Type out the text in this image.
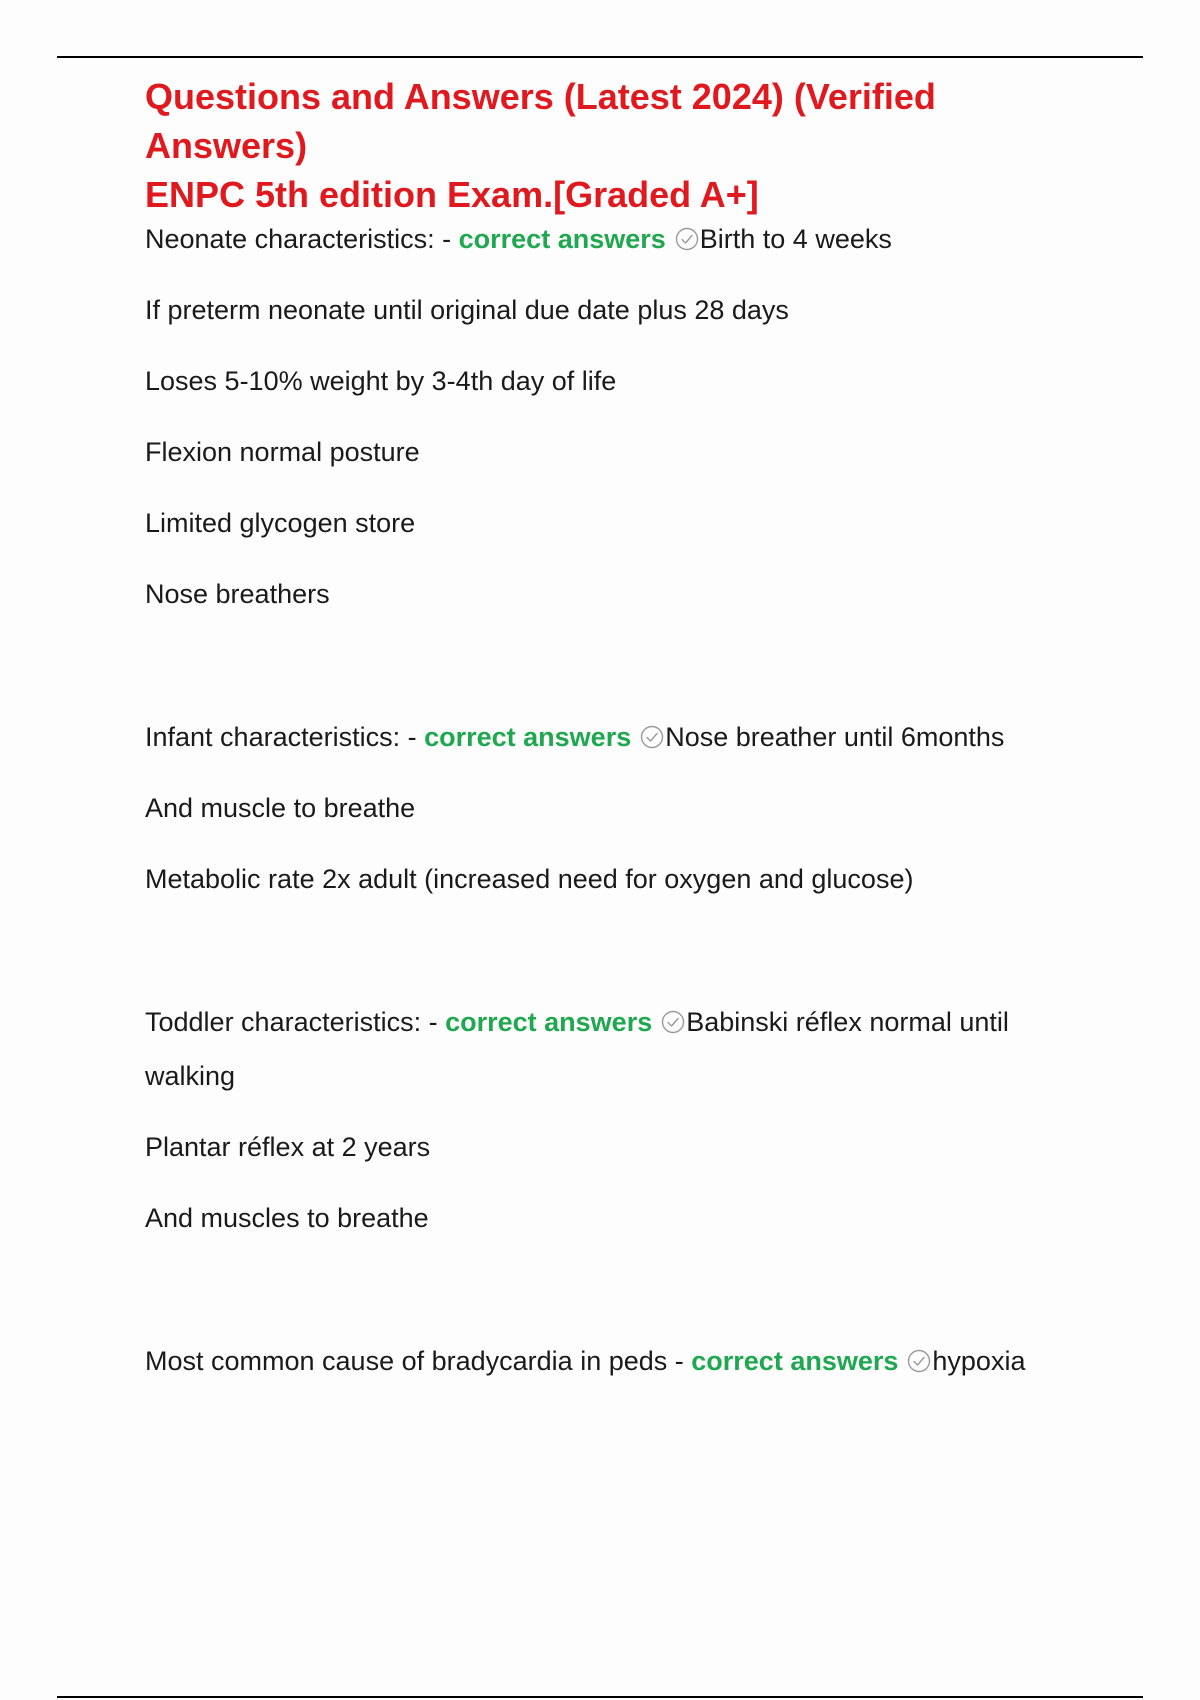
Questions and Answers (Latest 2024) (Verified Answers)
ENPC 5th edition Exam.[Graded A+]

Neonate characteristics: - correct answers Birth to 4 weeks

If preterm neonate until original due date plus 28 days

Loses 5-10% weight by 3-4th day of life

Flexion normal posture

Limited glycogen store

Nose breathers

Infant characteristics: - correct answers Nose breather until 6months

And muscle to breathe

Metabolic rate 2x adult (increased need for oxygen and glucose)

Toddler characteristics: - correct answers Babinski réflex normal until walking

Plantar réflex at 2 years

And muscles to breathe

Most common cause of bradycardia in peds - correct answers hypoxia
